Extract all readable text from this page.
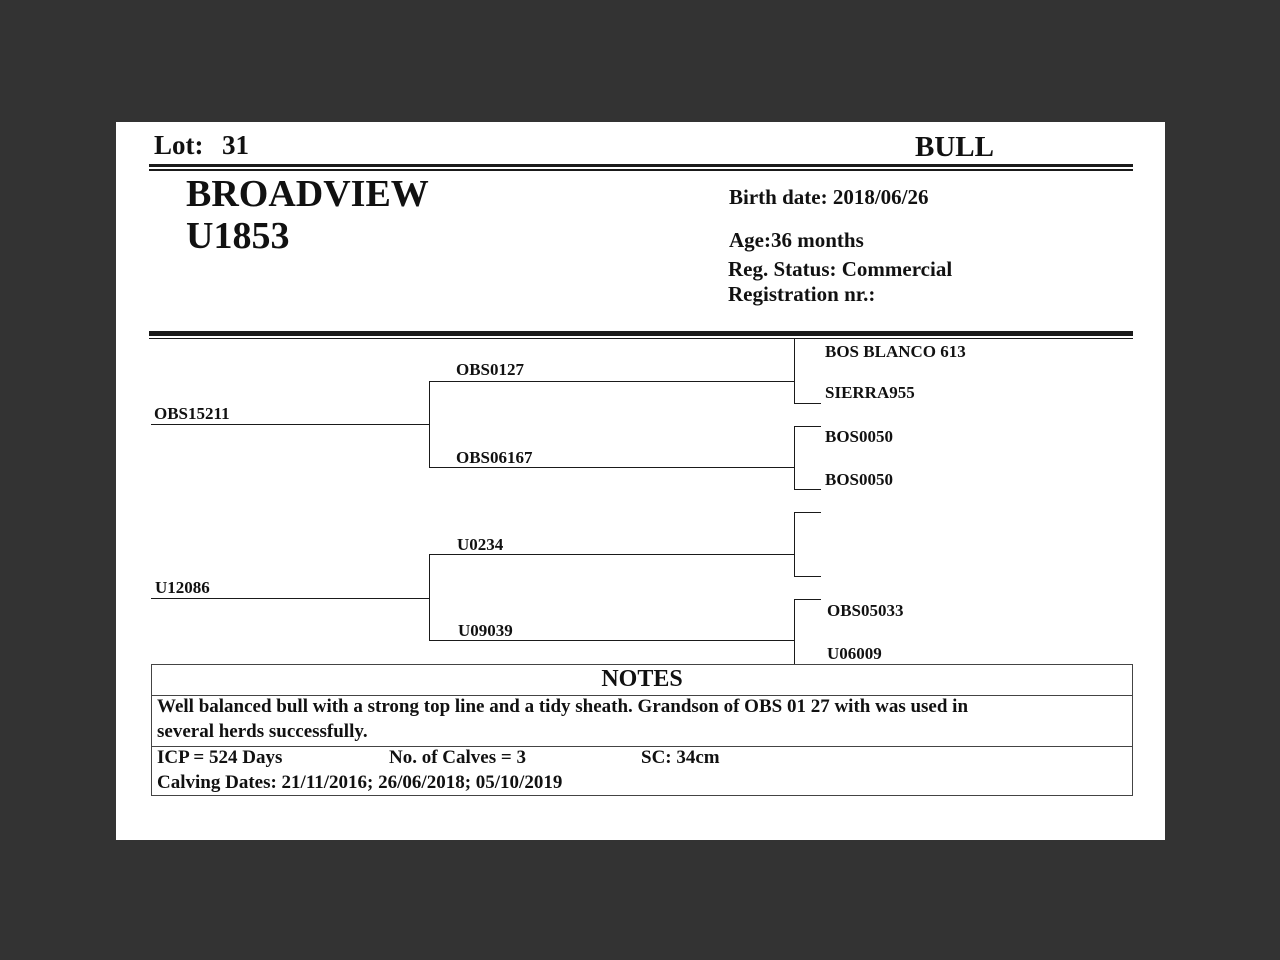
Lot: 31	BULL
BROADVIEW
U1853
Birth date: 2018/06/26
Age:36 months
Reg. Status: Commercial
Registration nr.:
OBS15211
OBS0127
OBS06167
BOS BLANCO 613
SIERRA955
BOS0050
BOS0050
U12086
U0234
U09039
OBS05033
U06009
NOTES
Well balanced bull with a strong top line and a tidy sheath. Grandson of OBS 01 27 with was used in
several herds successfully.
ICP = 524 Days	No. of Calves = 3	SC: 34cm
Calving Dates: 21/11/2016; 26/06/2018; 05/10/2019
